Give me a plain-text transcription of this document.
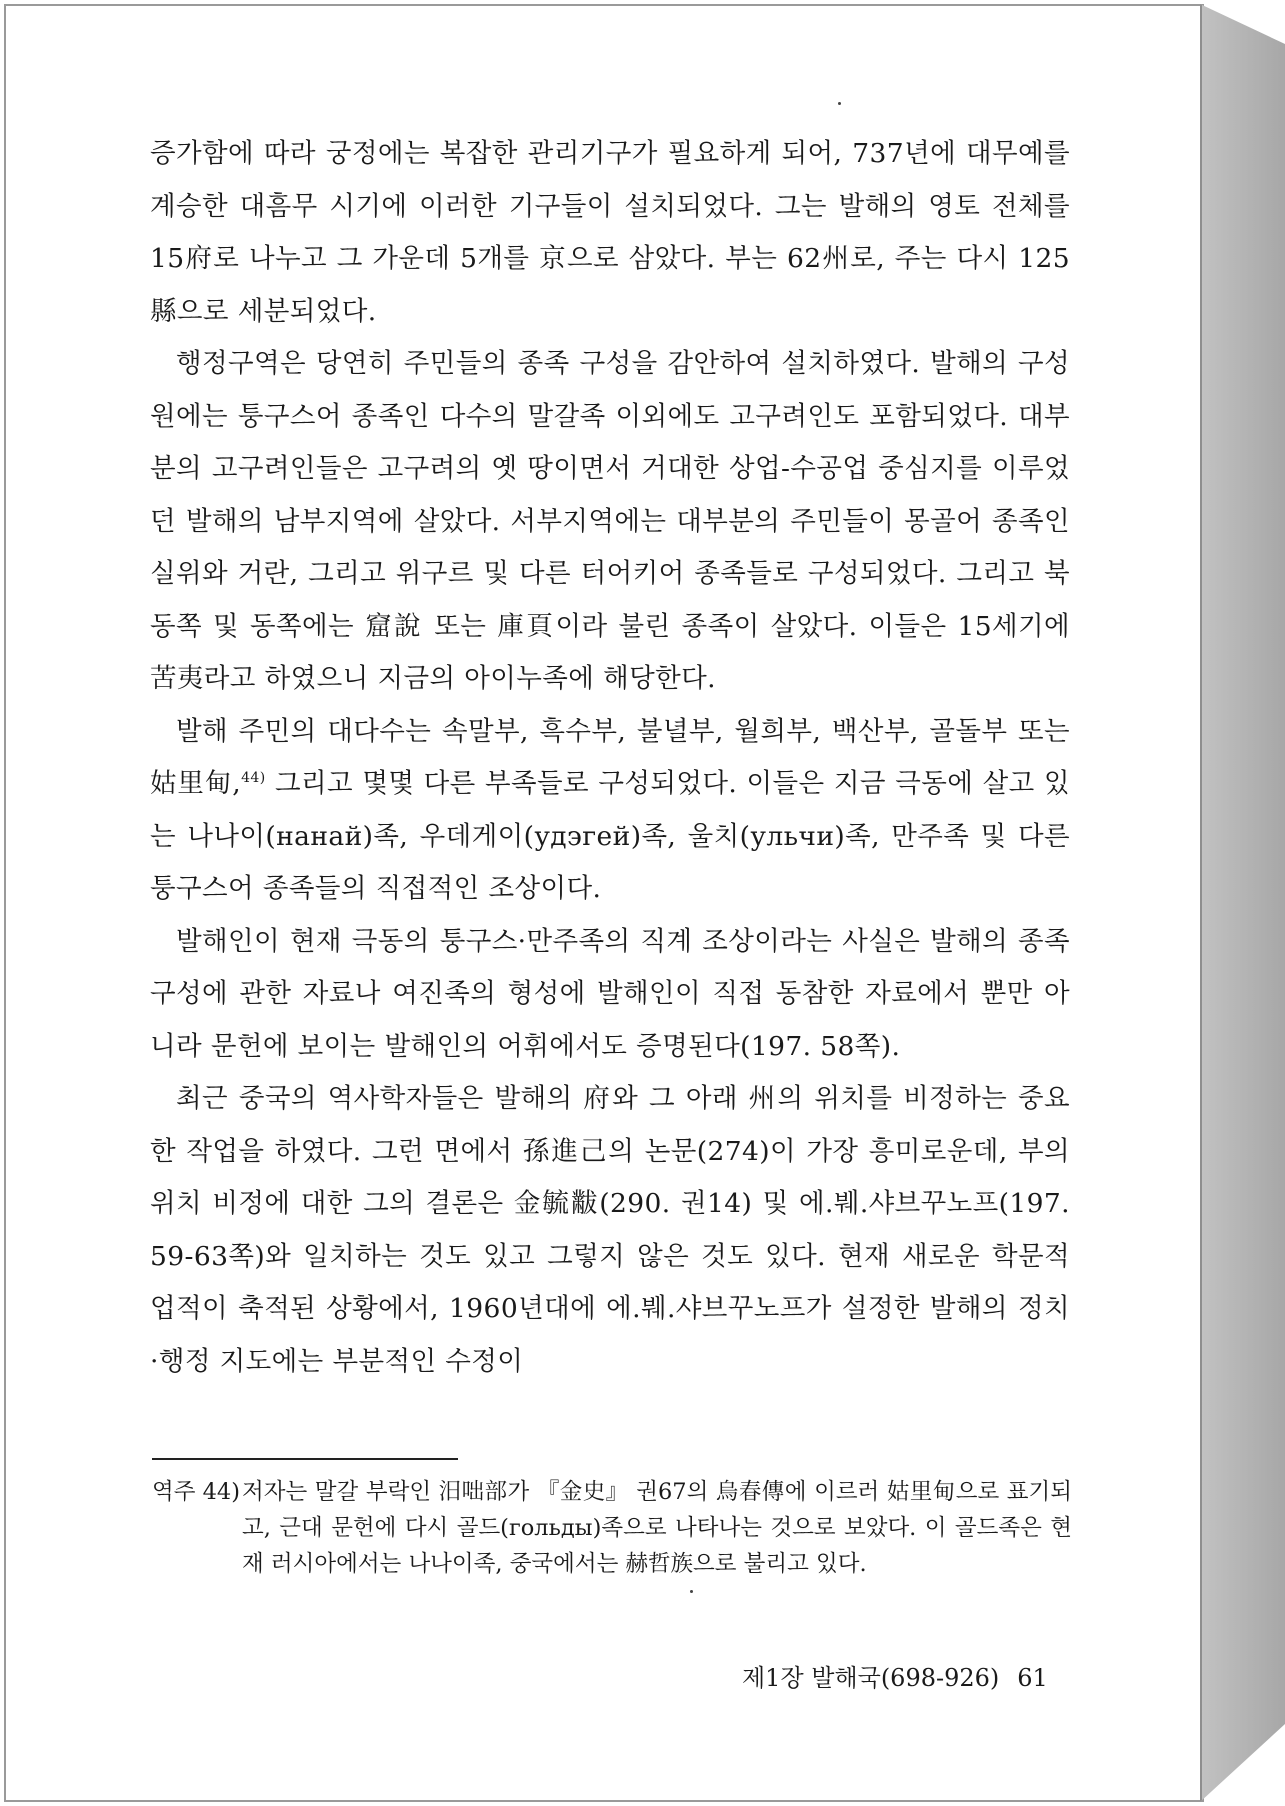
증가함에 따라 궁정에는 복잡한 관리기구가 필요하게 되어, 737년에 대무예를 계승한 대흠무 시기에 이러한 기구들이 설치되었다. 그는 발해의 영토 전체를 15府로 나누고 그 가운데 5개를 京으로 삼았다. 부는 62州로, 주는 다시 125縣으로 세분되었다.

행정구역은 당연히 주민들의 종족 구성을 감안하여 설치하였다. 발해의 구성원에는 퉁구스어 종족인 다수의 말갈족 이외에도 고구려인도 포함되었다. 대부분의 고구려인들은 고구려의 옛 땅이면서 거대한 상업-수공업 중심지를 이루었던 발해의 남부지역에 살았다. 서부지역에는 대부분의 주민들이 몽골어 종족인 실위와 거란, 그리고 위구르 및 다른 터어키어 종족들로 구성되었다. 그리고 북동쪽 및 동쪽에는 窟說 또는 庫頁이라 불린 종족이 살았다. 이들은 15세기에 苦夷라고 하였으니 지금의 아이누족에 해당한다.

발해 주민의 대다수는 속말부, 흑수부, 불녈부, 월희부, 백산부, 골돌부 또는 姑里甸,$^{44)}$ 그리고 몇몇 다른 부족들로 구성되었다. 이들은 지금 극동에 살고 있는 나나이(нанай)족, 우데게이(удэгей)족, 울치(ульчи)족, 만주족 및 다른 퉁구스어 종족들의 직접적인 조상이다.

발해인이 현재 극동의 퉁구스·만주족의 직계 조상이라는 사실은 발해의 종족 구성에 관한 자료나 여진족의 형성에 발해인이 직접 동참한 자료에서 뿐만 아니라 문헌에 보이는 발해인의 어휘에서도 증명된다(197. 58쪽).

최근 중국의 역사학자들은 발해의 府와 그 아래 州의 위치를 비정하는 중요한 작업을 하였다. 그런 면에서 孫進己의 논문(274)이 가장 흥미로운데, 부의 위치 비정에 대한 그의 결론은 金毓黻(290. 권14) 및 에.붸.샤브꾸노프(197. 59-63쪽)와 일치하는 것도 있고 그렇지 않은 것도 있다. 현재 새로운 학문적 업적이 축적된 상황에서, 1960년대에 에.붸.샤브꾸노프가 설정한 발해의 정치·행정 지도에는 부분적인 수정이

역주 44) 저자는 말갈 부락인 汨咄部가 『金史』 권67의 烏春傳에 이르러 姑里甸으로 표기되고, 근대 문헌에 다시 골드(гольды)족으로 나타나는 것으로 보았다. 이 골드족은 현재 러시아에서는 나나이족, 중국에서는 赫哲族으로 불리고 있다.
제1장 발해국(698-926) 61
